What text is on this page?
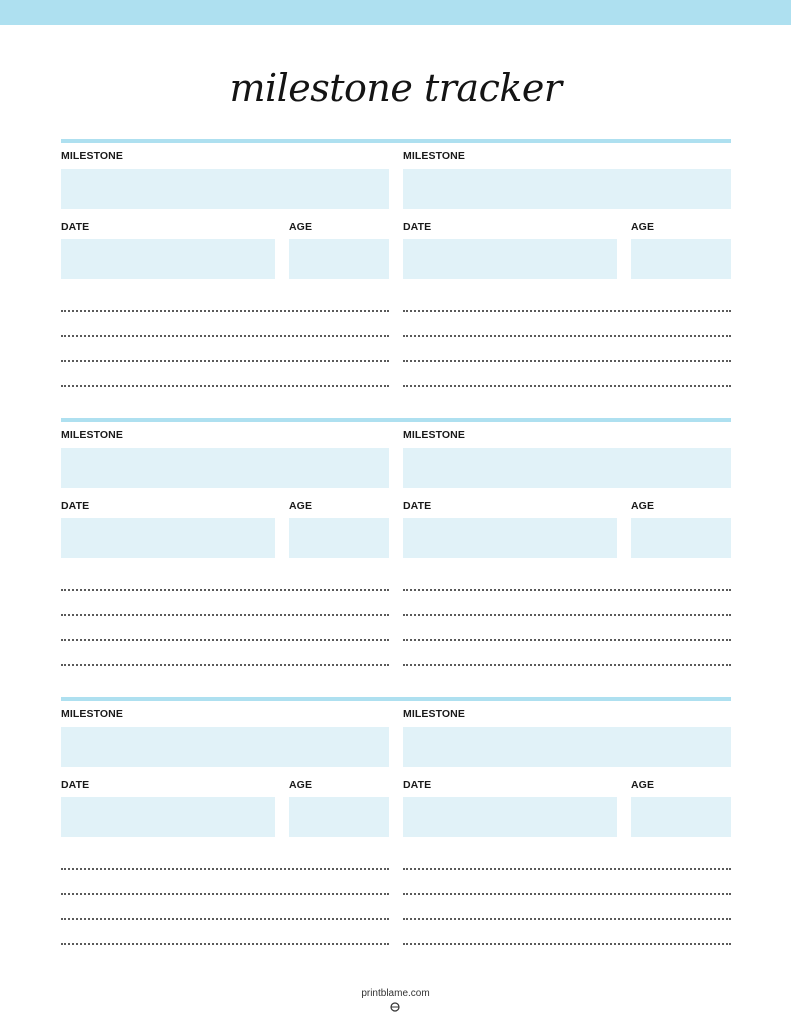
milestone tracker
MILESTONE
DATE	AGE
MILESTONE
DATE	AGE
MILESTONE
DATE	AGE
MILESTONE
DATE	AGE
MILESTONE
DATE	AGE
MILESTONE
DATE	AGE
printblame.com
